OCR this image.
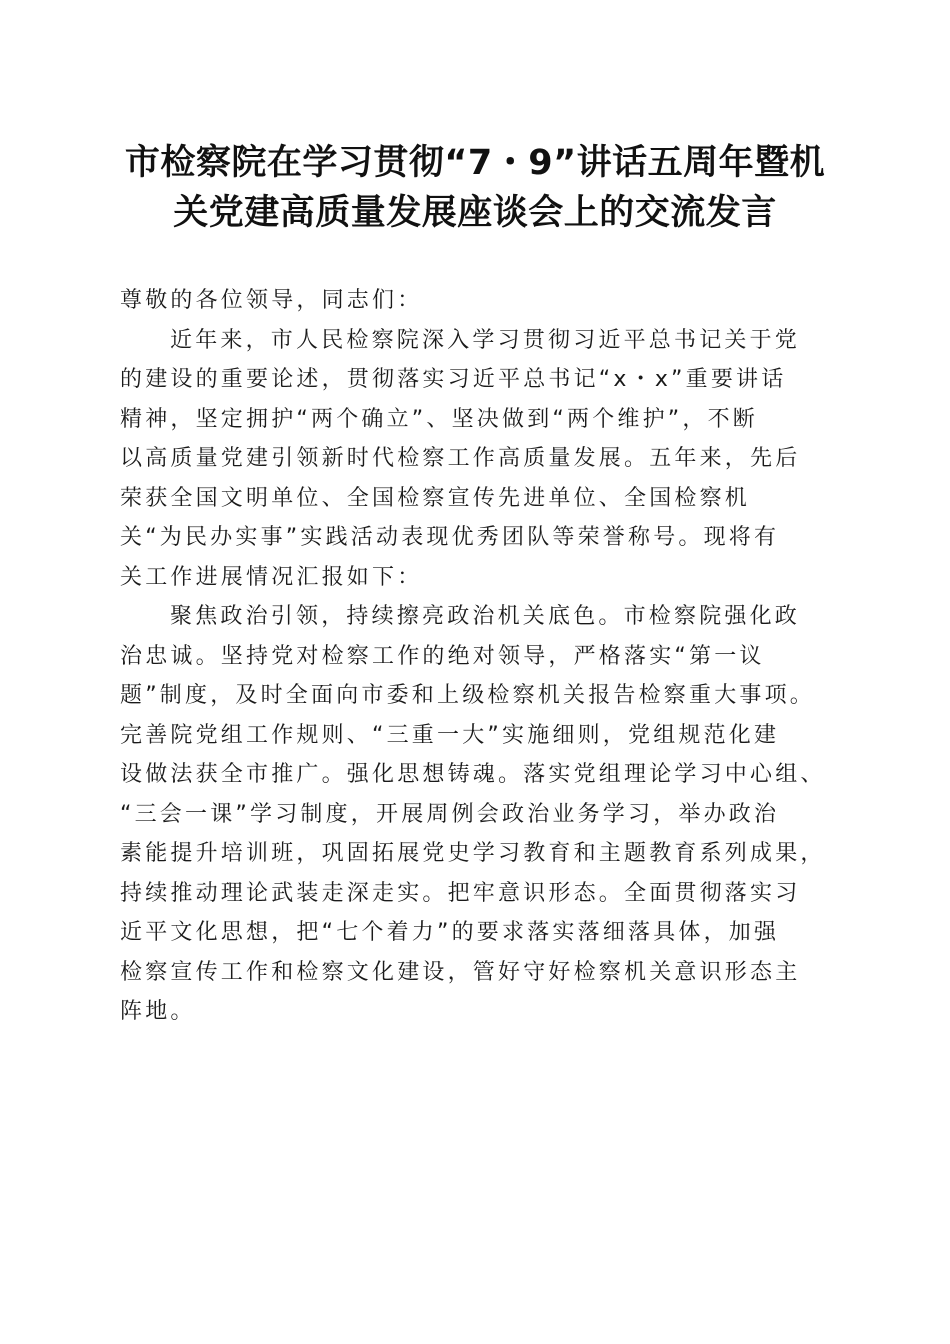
市检察院在学习贯彻“7・9”讲话五周年暨机
关党建高质量发展座谈会上的交流发言
尊敬的各位领导，同志们：
近年来，市人民检察院深入学习贯彻习近平总书记关于党
的建设的重要论述，贯彻落实习近平总书记“x・x”重要讲话
精神，坚定拥护“两个确立”、坚决做到“两个维护”，不断
以高质量党建引领新时代检察工作高质量发展。五年来，先后
荣获全国文明单位、全国检察宣传先进单位、全国检察机
关“为民办实事”实践活动表现优秀团队等荣誉称号。现将有
关工作进展情况汇报如下：
聚焦政治引领，持续擦亮政治机关底色。市检察院强化政
治忠诚。坚持党对检察工作的绝对领导，严格落实“第一议
题”制度，及时全面向市委和上级检察机关报告检察重大事项。
完善院党组工作规则、“三重一大”实施细则，党组规范化建
设做法获全市推广。强化思想铸魂。落实党组理论学习中心组、
“三会一课”学习制度，开展周例会政治业务学习，举办政治
素能提升培训班，巩固拓展党史学习教育和主题教育系列成果，
持续推动理论武装走深走实。把牢意识形态。全面贯彻落实习
近平文化思想，把“七个着力”的要求落实落细落具体，加强
检察宣传工作和检察文化建设，管好守好检察机关意识形态主
阵地。
